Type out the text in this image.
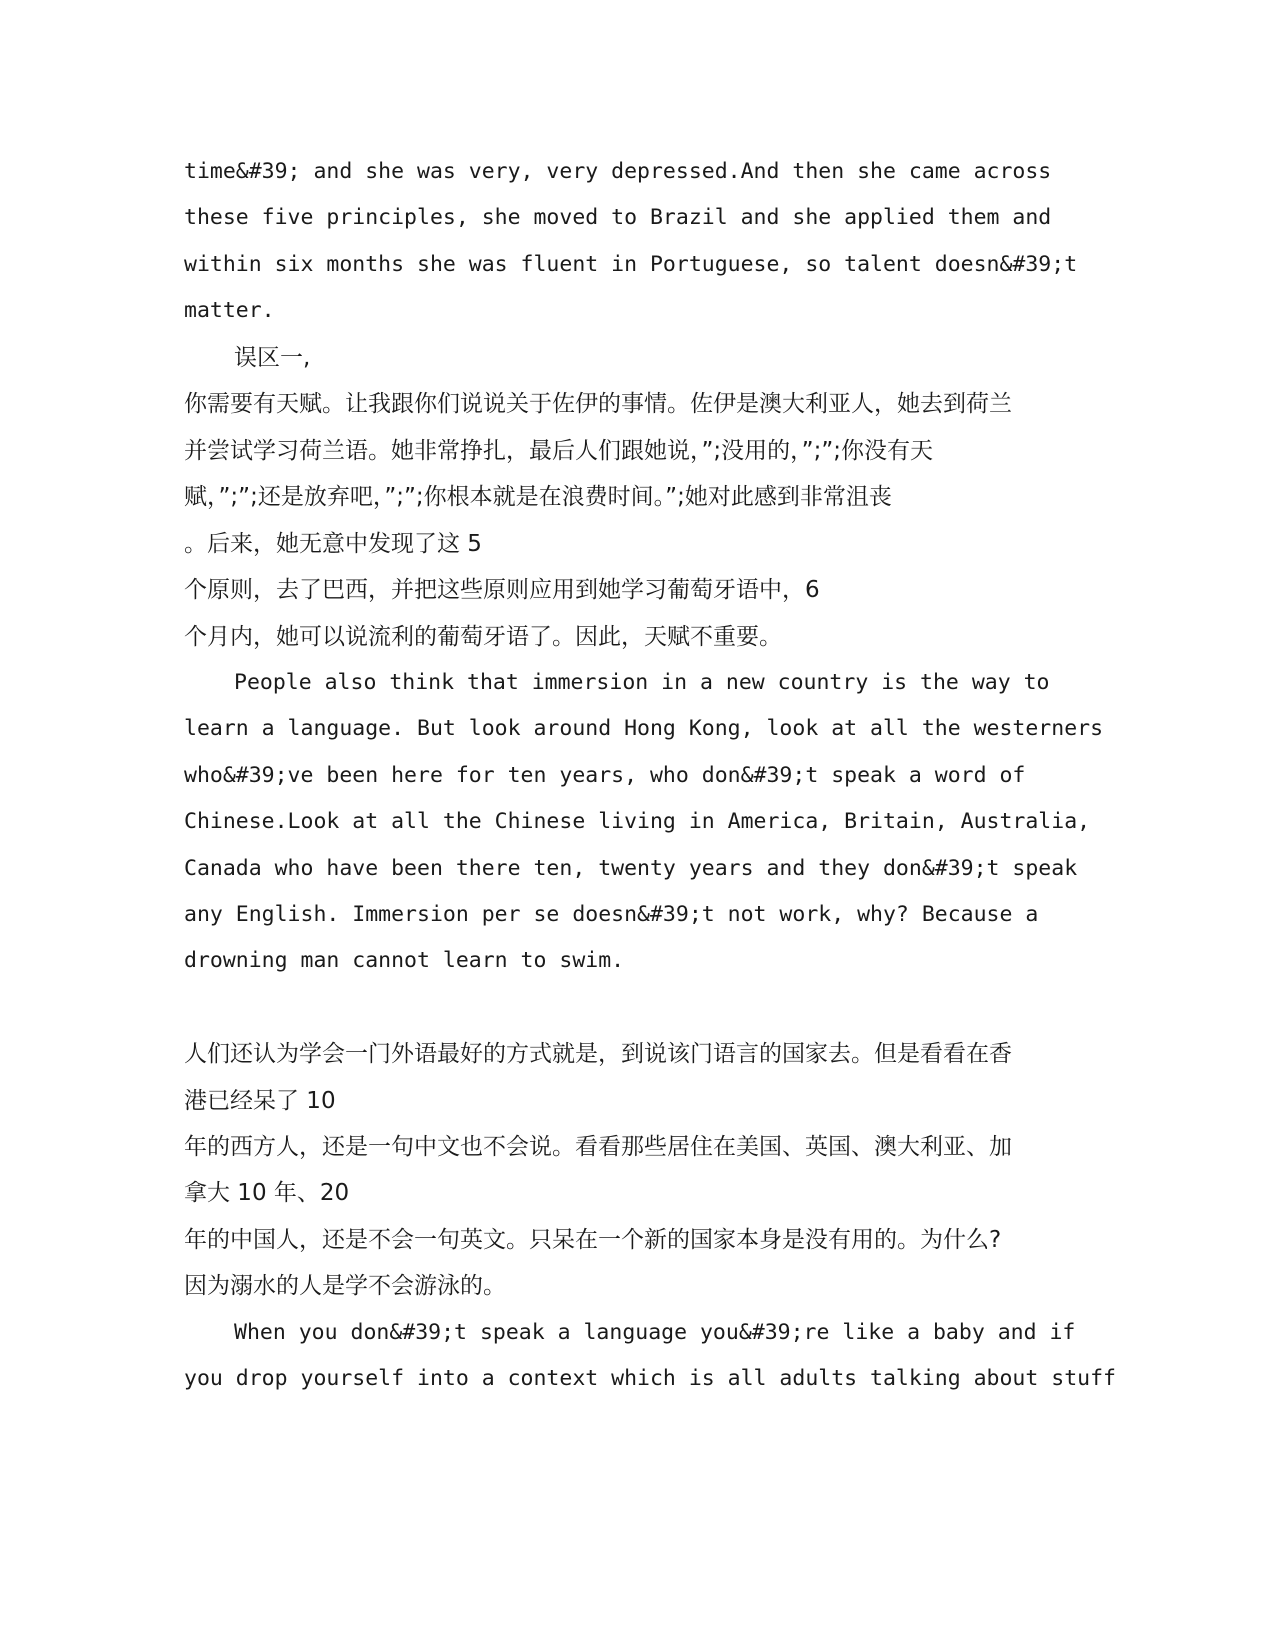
time&#39; and she was very, very depressed.And then she came across
these five principles, she moved to Brazil and she applied them and
within six months she was fluent in Portuguese, so talent doesn&#39;t
matter.
误区一,
你需要有天赋。让我跟你们说说关于佐伊的事情。佐伊是澳大利亚人，她去到荷兰
并尝试学习荷兰语。她非常挣扎，最后人们跟她说，”;没用的，”;”;你没有天
赋，”;”;还是放弃吧，”;”;你根本就是在浪费时间。”;她对此感到非常沮丧
。后来，她无意中发现了这 5
个原则，去了巴西，并把这些原则应用到她学习葡萄牙语中，6
个月内，她可以说流利的葡萄牙语了。因此，天赋不重要。
People also think that immersion in a new country is the way to
learn a language. But look around Hong Kong, look at all the westerners
who&#39;ve been here for ten years, who don&#39;t speak a word of
Chinese.Look at all the Chinese living in America, Britain, Australia,
Canada who have been there ten, twenty years and they don&#39;t speak
any English. Immersion per se doesn&#39;t not work, why? Because a
drowning man cannot learn to swim.
人们还认为学会一门外语最好的方式就是，到说该门语言的国家去。但是看看在香
港已经呆了 10
年的西方人，还是一句中文也不会说。看看那些居住在美国、英国、澳大利亚、加
拿大 10 年、20
年的中国人，还是不会一句英文。只呆在一个新的国家本身是没有用的。为什么?
因为溺水的人是学不会游泳的。
When you don&#39;t speak a language you&#39;re like a baby and if
you drop yourself into a context which is all adults talking about stuff
